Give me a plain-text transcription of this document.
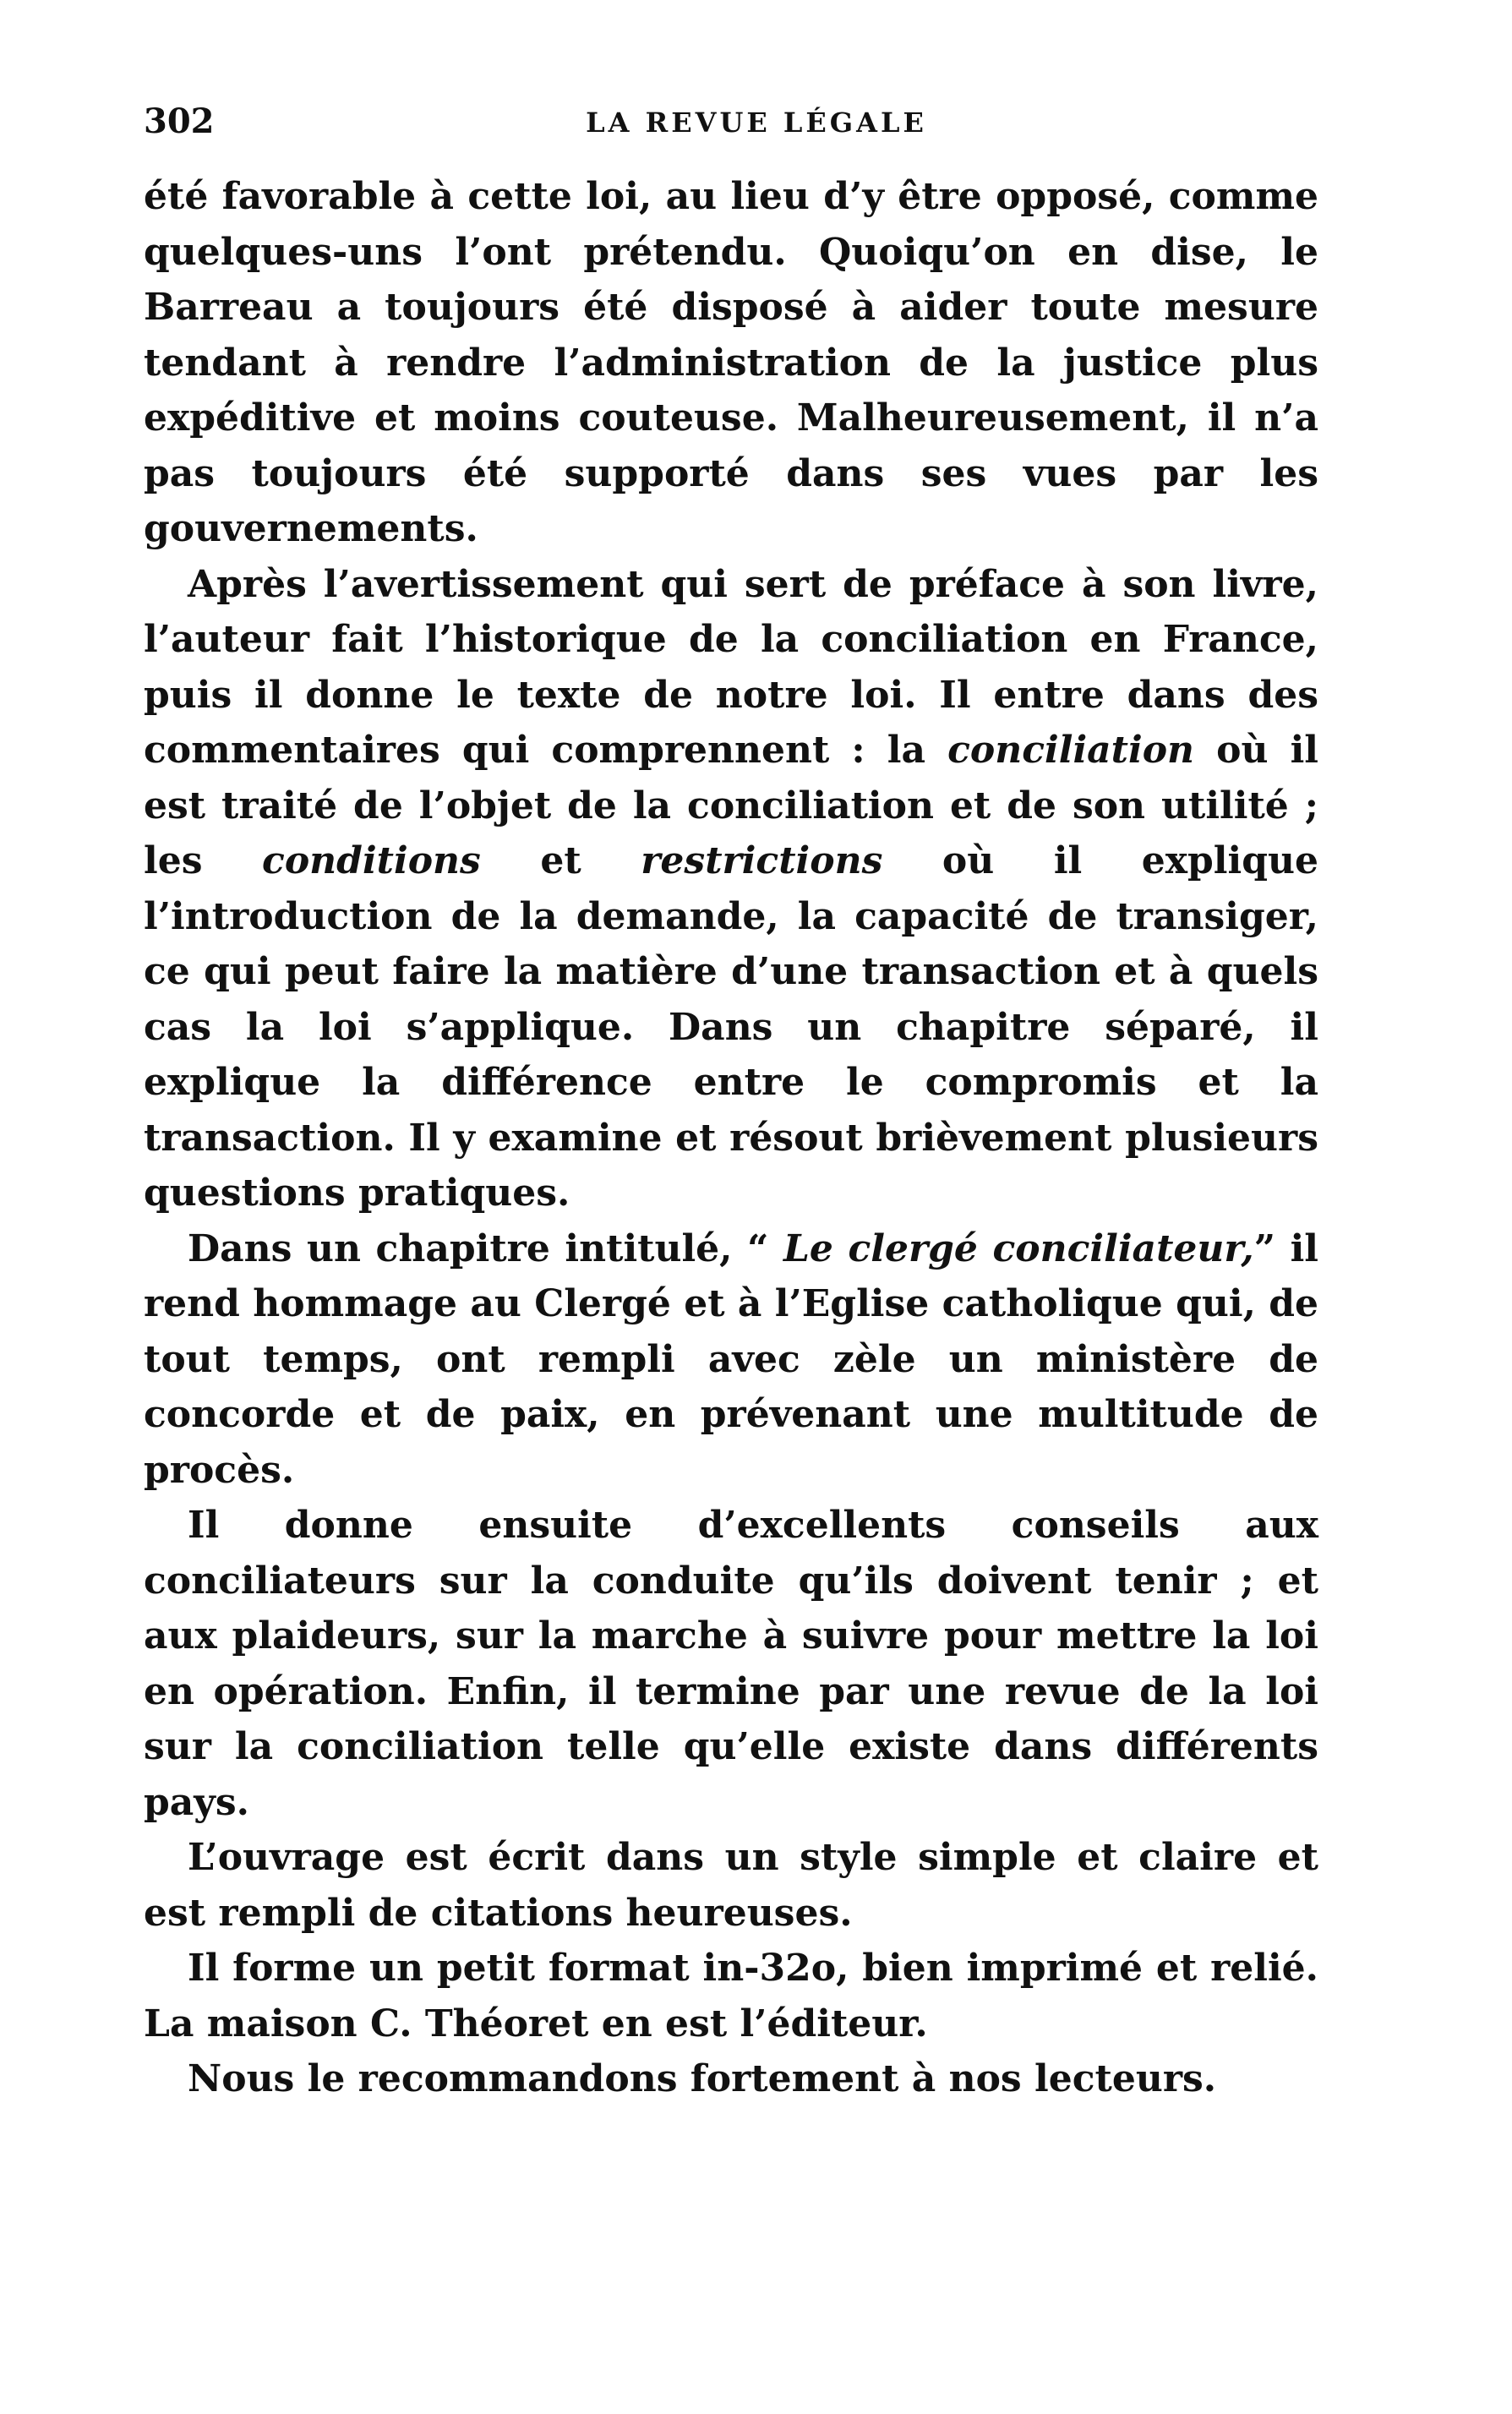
302	LA REVUE LÉGALE

été favorable à cette loi, au lieu d’y être opposé, comme quelques-uns l’ont prétendu. Quoiqu’on en dise, le Barreau a toujours été disposé à aider toute mesure tendant à rendre l’administration de la justice plus expéditive et moins couteuse. Malheureusement, il n’a pas toujours été supporté dans ses vues par les gouvernements.

Après l’avertissement qui sert de préface à son livre, l’auteur fait l’historique de la conciliation en France, puis il donne le texte de notre loi. Il entre dans des commentaires qui comprennent : la conciliation où il est traité de l’objet de la conciliation et de son utilité ; les conditions et restrictions où il explique l’introduction de la demande, la capacité de transiger, ce qui peut faire la matière d’une transaction et à quels cas la loi s’applique. Dans un chapitre séparé, il explique la différence entre le compromis et la transaction. Il y examine et résout brièvement plusieurs questions pratiques.

Dans un chapitre intitulé, “ Le clergé conciliateur,” il rend hommage au Clergé et à l’Eglise catholique qui, de tout temps, ont rempli avec zèle un ministère de concorde et de paix, en prévenant une multitude de procès.

Il donne ensuite d’excellents conseils aux conciliateurs sur la conduite qu’ils doivent tenir ; et aux plaideurs, sur la marche à suivre pour mettre la loi en opération. Enfin, il termine par une revue de la loi sur la conciliation telle qu’elle existe dans différents pays.

L’ouvrage est écrit dans un style simple et claire et est rempli de citations heureuses.

Il forme un petit format in-32o, bien imprimé et relié. La maison C. Théoret en est l’éditeur.

Nous le recommandons fortement à nos lecteurs.
